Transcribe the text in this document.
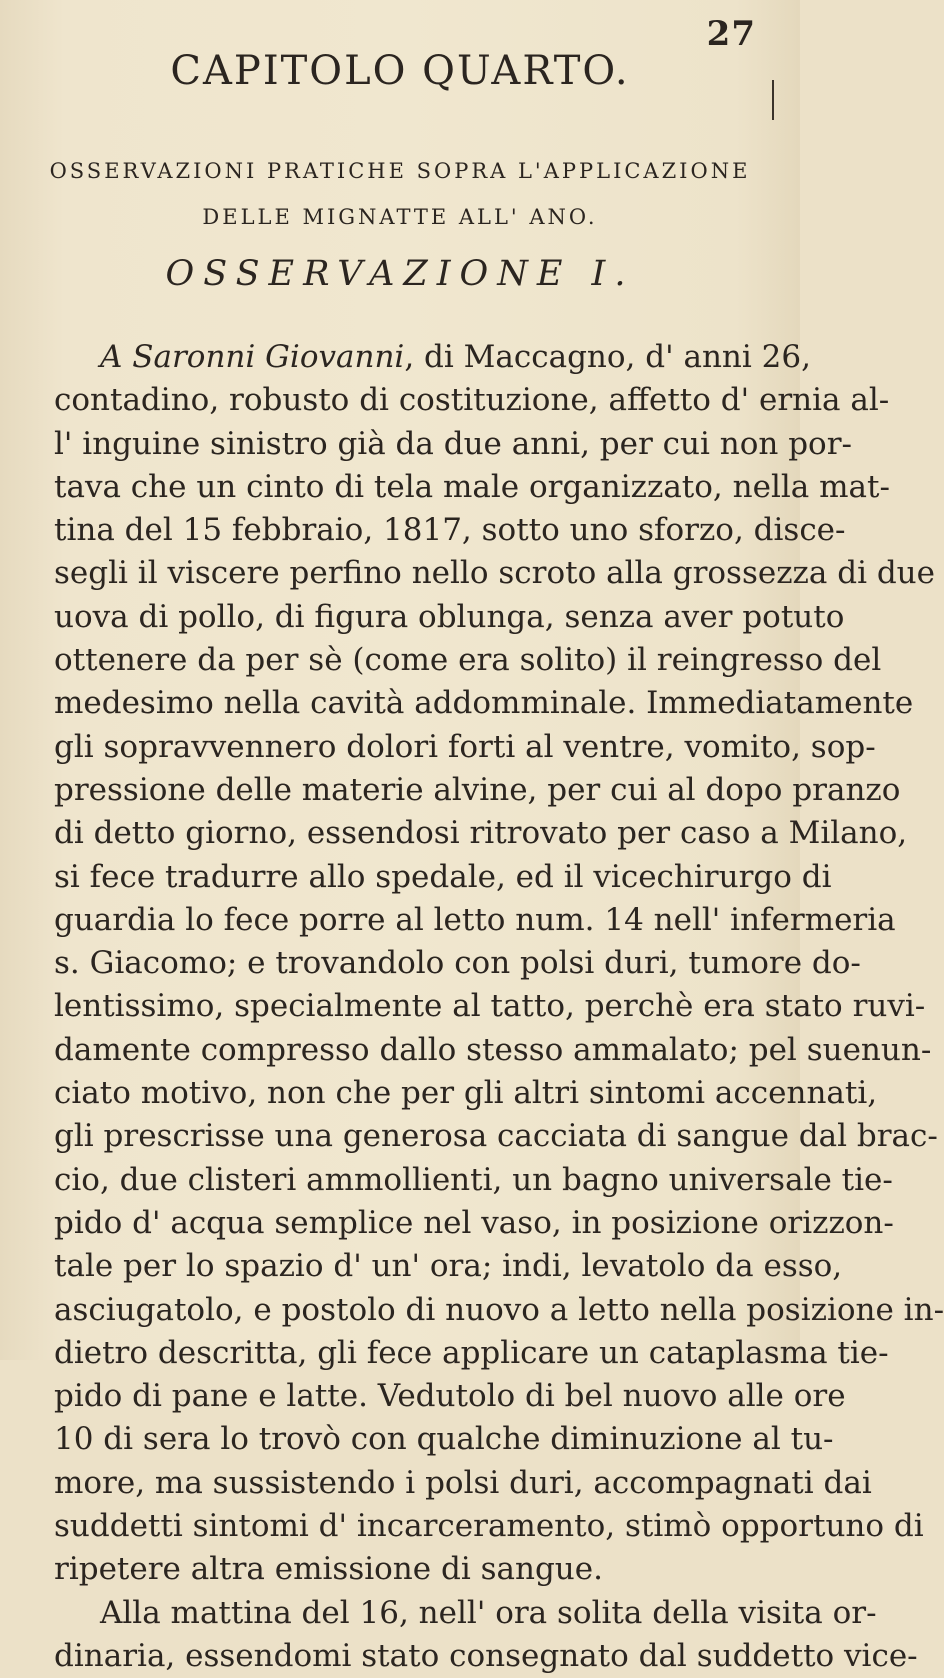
27
CAPITOLO QUARTO.
OSSERVAZIONI PRATICHE SOPRA L'APPLICAZIONE
DELLE MIGNATTE ALL' ANO.
OSSERVAZIONE I.
A Saronni Giovanni, di Maccagno, d' anni 26,
contadino, robusto di costituzione, affetto d' ernia al-
l' inguine sinistro già da due anni, per cui non por-
tava che un cinto di tela male organizzato, nella mat-
tina del 15 febbraio, 1817, sotto uno sforzo, disce-
segli il viscere perfino nello scroto alla grossezza di due
uova di pollo, di figura oblunga, senza aver potuto
ottenere da per sè (come era solito) il reingresso del
medesimo nella cavità addomminale. Immediatamente
gli sopravvennero dolori forti al ventre, vomito, sop-
pressione delle materie alvine, per cui al dopo pranzo
di detto giorno, essendosi ritrovato per caso a Milano,
si fece tradurre allo spedale, ed il vicechirurgo di
guardia lo fece porre al letto num. 14 nell' infermeria
s. Giacomo; e trovandolo con polsi duri, tumore do-
lentissimo, specialmente al tatto, perchè era stato ruvi-
damente compresso dallo stesso ammalato; pel suenun-
ciato motivo, non che per gli altri sintomi accennati,
gli prescrisse una generosa cacciata di sangue dal brac-
cio, due clisteri ammollienti, un bagno universale tie-
pido d' acqua semplice nel vaso, in posizione orizzon-
tale per lo spazio d' un' ora; indi, levatolo da esso,
asciugatolo, e postolo di nuovo a letto nella posizione in-
dietro descritta, gli fece applicare un cataplasma tie-
pido di pane e latte. Vedutolo di bel nuovo alle ore
10 di sera lo trovò con qualche diminuzione al tu-
more, ma sussistendo i polsi duri, accompagnati dai
suddetti sintomi d' incarceramento, stimò opportuno di
ripetere altra emissione di sangue.
Alla mattina del 16, nell' ora solita della visita or-
dinaria, essendomi stato consegnato dal suddetto vice-
